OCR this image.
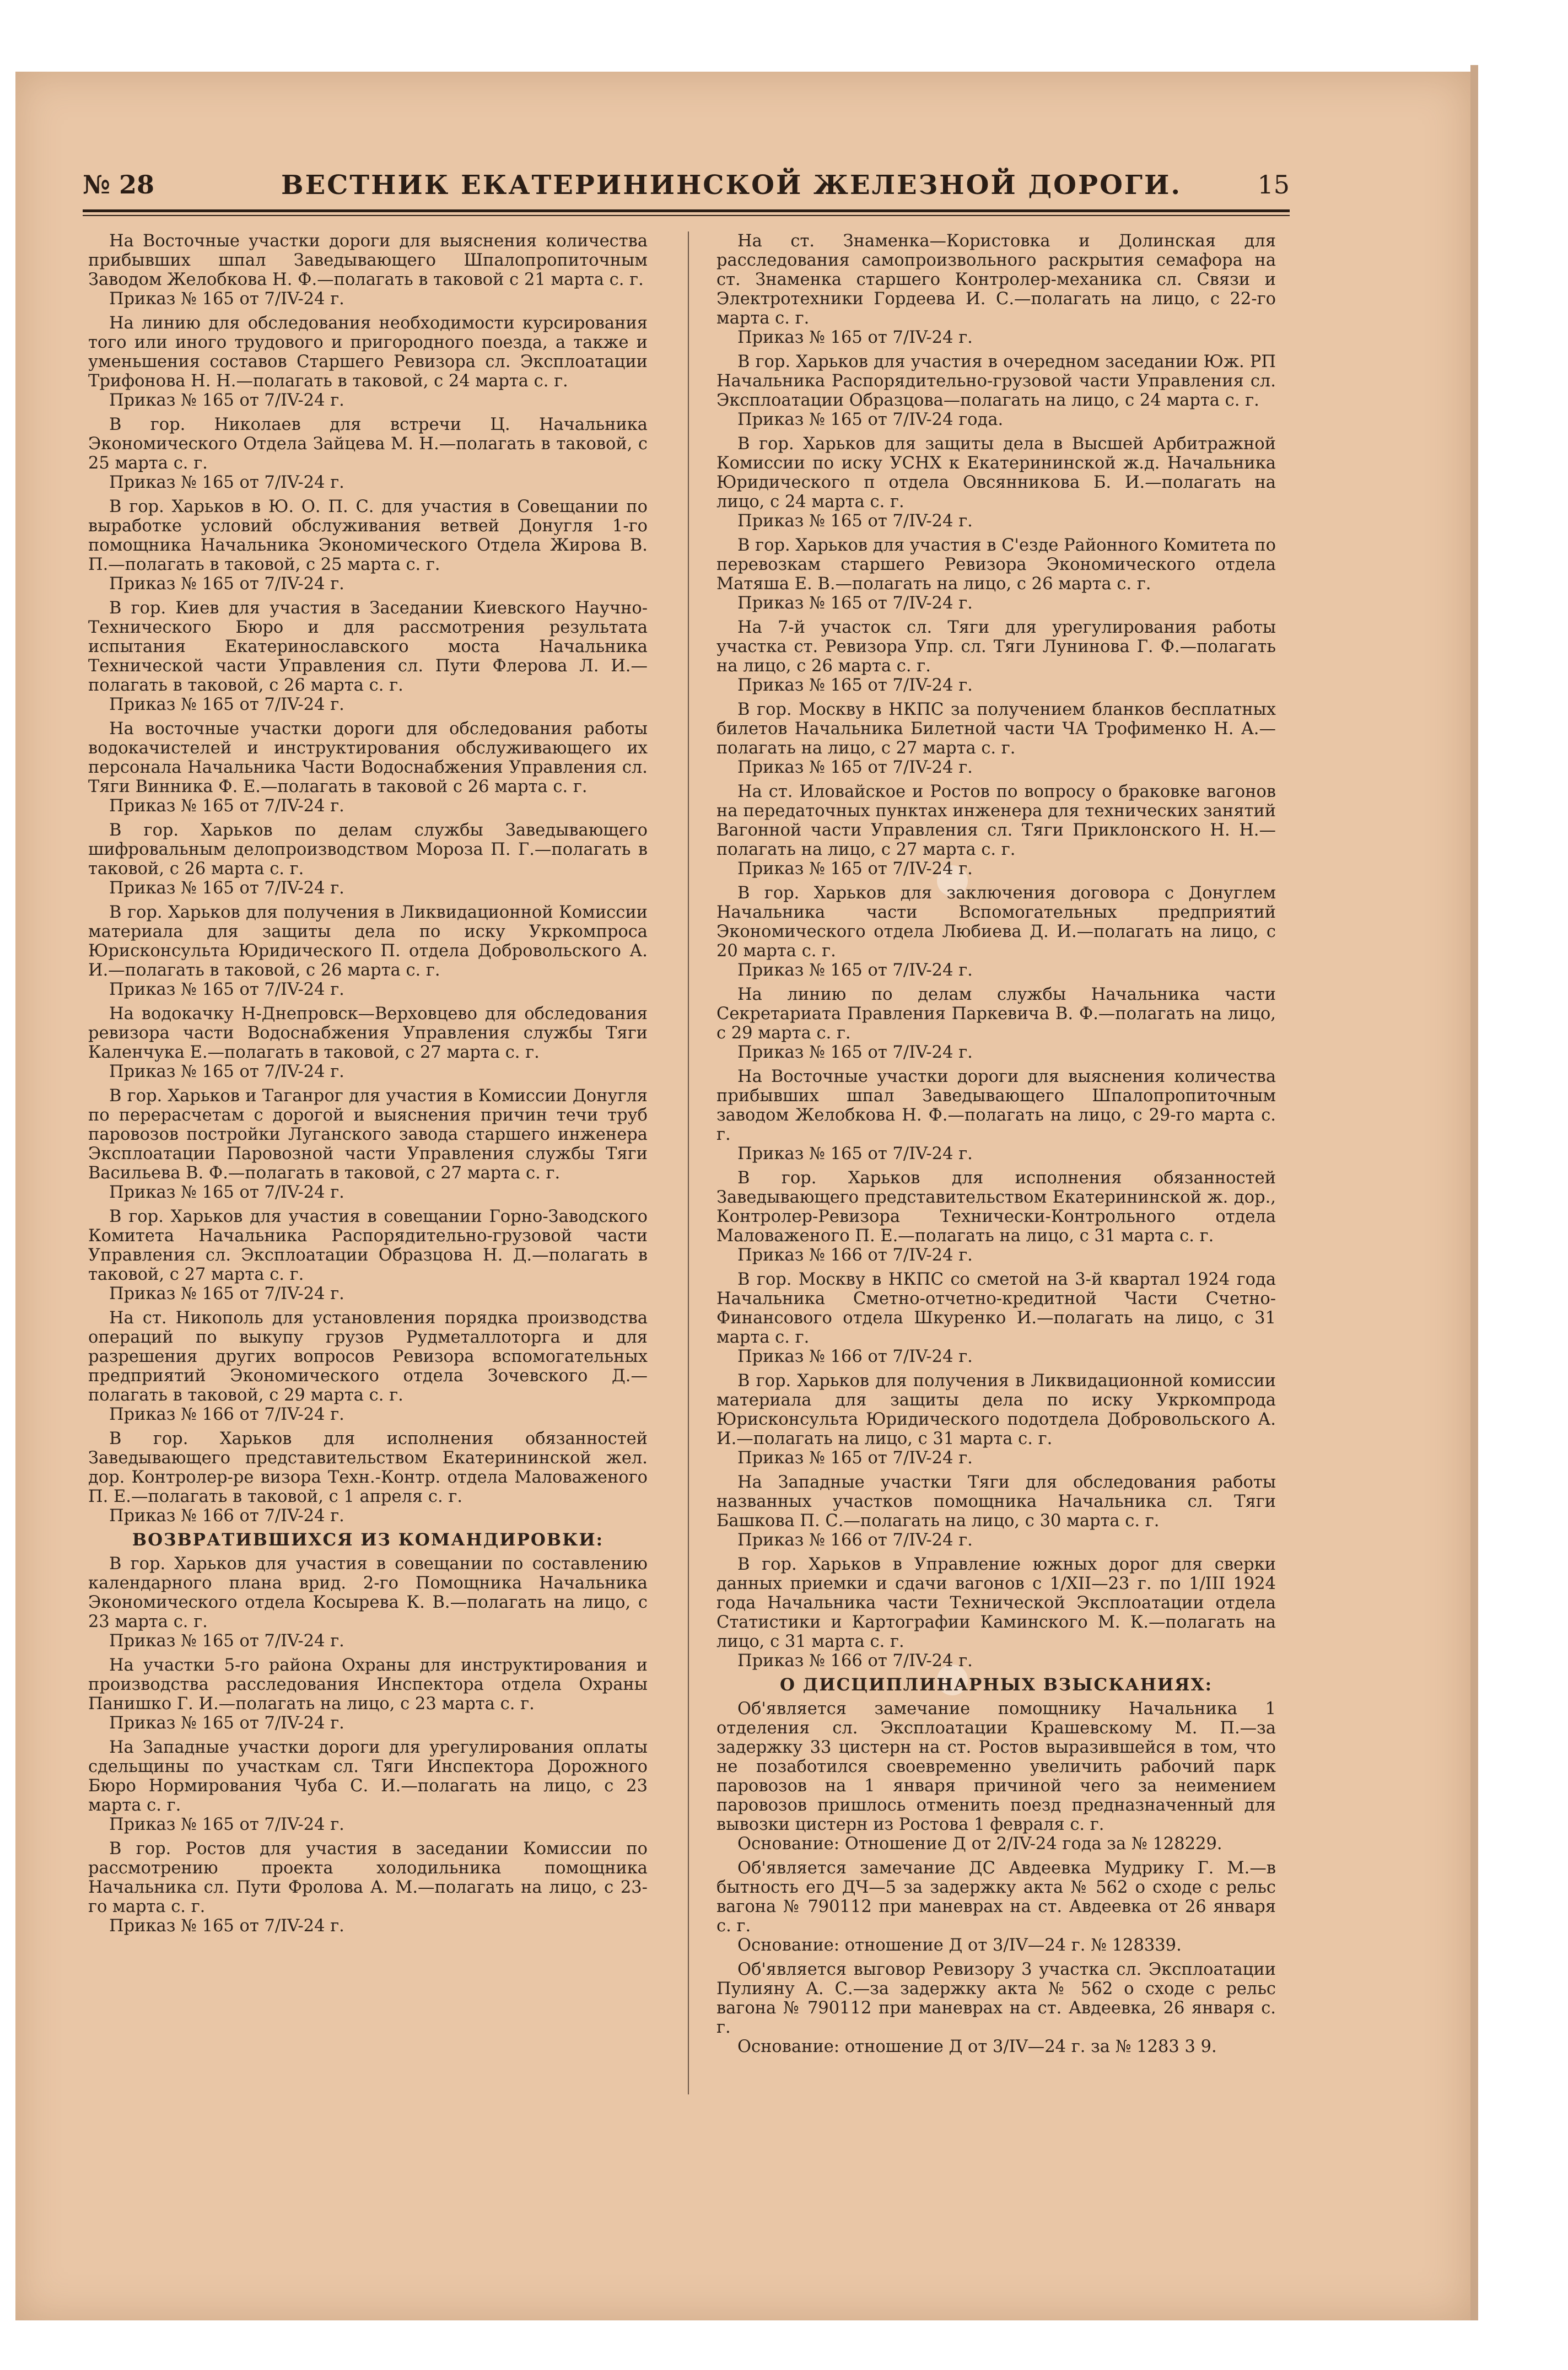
№ 28	ВЕСТНИК ЕКАТЕРИНИНСКОЙ ЖЕЛЕЗНОЙ ДОРОГИ.	15

На Восточные участки дороги для выяснения количества прибывших шпал Заведывающего Шпалопропиточным Заводом Желобкова Н. Ф.—полагать в таковой с 21 марта с. г.

Приказ № 165 от 7/IV-24 г.

На линию для обследования необходимости курсирования того или иного трудового и пригородного поезда, а также и уменьшения составов Старшего Ревизора сл. Эксплоатации Трифонова Н. Н.—полагать в таковой, с 24 марта с. г.

Приказ № 165 от 7/IV-24 г.

В гор. Николаев для встречи Ц. Начальника Экономического Отдела Зайцева М. Н.—полагать в таковой, с 25 марта с. г.

Приказ № 165 от 7/IV-24 г.

В гор. Харьков в Ю. О. П. С. для участия в Совещании по выработке условий обслуживания ветвей Донугля 1-го помощника Начальника Экономического Отдела Жирова В. П.—полагать в таковой, с 25 марта с. г.

Приказ № 165 от 7/IV-24 г.

В гор. Киев для участия в Заседании Киевского Научно-Технического Бюро и для рассмотрения результата испытания Екатеринославского моста Начальника Технической части Управления сл. Пути Флерова Л. И.—полагать в таковой, с 26 марта с. г.

Приказ № 165 от 7/IV-24 г.

На восточные участки дороги для обследования работы водокачистелей и инструктирования обслуживающего их персонала Начальника Части Водоснабжения Управления сл. Тяги Винника Ф. Е.—полагать в таковой с 26 марта с. г.

Приказ № 165 от 7/IV-24 г.

В гор. Харьков по делам службы Заведывающего шифровальным делопроизводством Мороза П. Г.—полагать в таковой, с 26 марта с. г.

Приказ № 165 от 7/IV-24 г.

В гор. Харьков для получения в Ликвидационной Комиссии материала для защиты дела по иску Укркомпроса Юрисконсульта Юридического П. отдела Добровольского А. И.—полагать в таковой, с 26 марта с. г.

Приказ № 165 от 7/IV-24 г.

На водокачку Н-Днепровск—Верховцево для обследования ревизора части Водоснабжения Управления службы Тяги Каленчука Е.—полагать в таковой, с 27 марта с. г.

Приказ № 165 от 7/IV-24 г.

В гор. Харьков и Таганрог для участия в Комиссии Донугля по перерасчетам с дорогой и выяснения причин течи труб паровозов постройки Луганского завода старшего инженера Эксплоатации Паровозной части Управления службы Тяги Васильева В. Ф.—полагать в таковой, с 27 марта с. г.

Приказ № 165 от 7/IV-24 г.

В гор. Харьков для участия в совещании Горно-Заводского Комитета Начальника Распорядительно-грузовой части Управления сл. Эксплоатации Образцова Н. Д.—полагать в таковой, с 27 марта с. г.

Приказ № 165 от 7/IV-24 г.

На ст. Никополь для установления порядка производства операций по выкупу грузов Рудметаллоторга и для разрешения других вопросов Ревизора вспомогательных предприятий Экономического отдела Зочевского Д.—полагать в таковой, с 29 марта с. г.

Приказ № 166 от 7/IV-24 г.

В гор. Харьков для исполнения обязанностей Заведывающего представительством Екатерининской жел. дор. Контролер-ре визора Техн.-Контр. отдела Маловаженого П. Е.—полагать в таковой, с 1 апреля с. г.

Приказ № 166 от 7/IV-24 г.

ВОЗВРАТИВШИХСЯ ИЗ КОМАНДИРОВКИ:

В гор. Харьков для участия в совещании по составлению календарного плана врид. 2-го Помощника Начальника Экономического отдела Косырева К. В.—полагать на лицо, с 23 марта с. г.

Приказ № 165 от 7/IV-24 г.

На участки 5-го района Охраны для инструктирования и производства расследования Инспектора отдела Охраны Панишко Г. И.—полагать на лицо, с 23 марта с. г.

Приказ № 165 от 7/IV-24 г.

На Западные участки дороги для урегулирования оплаты сдельщины по участкам сл. Тяги Инспектора Дорожного Бюро Нормирования Чуба С. И.—полагать на лицо, с 23 марта с. г.

Приказ № 165 от 7/IV-24 г.

В гор. Ростов для участия в заседании Комиссии по рассмотрению проекта холодильника помощника Начальника сл. Пути Фролова А. М.—полагать на лицо, с 23-го марта с. г.

Приказ № 165 от 7/IV-24 г.

На ст. Знаменка—Користовка и Долинская для расследования самопроизвольного раскрытия семафора на ст. Знаменка старшего Контролер-механика сл. Связи и Электротехники Гордеева И. С.—полагать на лицо, с 22-го марта с. г.

Приказ № 165 от 7/IV-24 г.

В гор. Харьков для участия в очередном заседании Юж. РП Начальника Распорядительно-грузовой части Управления сл. Эксплоатации Образцова—полагать на лицо, с 24 марта с. г.

Приказ № 165 от 7/IV-24 года.

В гор. Харьков для защиты дела в Высшей Арбитражной Комиссии по иску УСНХ к Екатерининской ж.д. Начальника Юридического п отдела Овсянникова Б. И.—полагать на лицо, с 24 марта с. г.

Приказ № 165 от 7/IV-24 г.

В гор. Харьков для участия в С'езде Районного Комитета по перевозкам старшего Ревизора Экономического отдела Матяша Е. В.—полагать на лицо, с 26 марта с. г.

Приказ № 165 от 7/IV-24 г.

На 7-й участок сл. Тяги для урегулирования работы участка ст. Ревизора Упр. сл. Тяги Лунинова Г. Ф.—полагать на лицо, с 26 марта с. г.

Приказ № 165 от 7/IV-24 г.

В гор. Москву в НКПС за получением бланков бесплатных билетов Начальника Билетной части ЧА Трофименко Н. А.—полагать на лицо, с 27 марта с. г.

Приказ № 165 от 7/IV-24 г.

На ст. Иловайское и Ростов по вопросу о браковке вагонов на передаточных пунктах инженера для технических занятий Вагонной части Управления сл. Тяги Приклонского Н. Н.—полагать на лицо, с 27 марта с. г.

Приказ № 165 от 7/IV-24 г.

В гор. Харьков для заключения договора с Донуглем Начальника части Вспомогательных предприятий Экономического отдела Любиева Д. И.—полагать на лицо, с 20 марта с. г.

Приказ № 165 от 7/IV-24 г.

На линию по делам службы Начальника части Секретариата Правления Паркевича В. Ф.—полагать на лицо, с 29 марта с. г.

Приказ № 165 от 7/IV-24 г.

На Восточные участки дороги для выяснения количества прибывших шпал Заведывающего Шпалопропиточным заводом Желобкова Н. Ф.—полагать на лицо, с 29-го марта с. г.

Приказ № 165 от 7/IV-24 г.

В гор. Харьков для исполнения обязанностей Заведывающего представительством Екатерининской ж. дор., Контролер-Ревизора Технически-Контрольного отдела Маловаженого П. Е.—полагать на лицо, с 31 марта с. г.

Приказ № 166 от 7/IV-24 г.

В гор. Москву в НКПС со сметой на 3-й квартал 1924 года Начальника Сметно-отчетно-кредитной Части Счетно-Финансового отдела Шкуренко И.—полагать на лицо, с 31 марта с. г.

Приказ № 166 от 7/IV-24 г.

В гор. Харьков для получения в Ликвидационной комиссии материала для защиты дела по иску Укркомпрода Юрисконсульта Юридического подотдела Добровольского А. И.—полагать на лицо, с 31 марта с. г.

Приказ № 165 от 7/IV-24 г.

На Западные участки Тяги для обследования работы названных участков помощника Начальника сл. Тяги Башкова П. С.—полагать на лицо, с 30 марта с. г.

Приказ № 166 от 7/IV-24 г.

В гор. Харьков в Управление южных дорог для сверки данных приемки и сдачи вагонов с 1/XII—23 г. по 1/III 1924 года Начальника части Технической Эксплоатации отдела Статистики и Картографии Каминского М. К.—полагать на лицо, с 31 марта с. г.

Приказ № 166 от 7/IV-24 г.

О ДИСЦИПЛИНАРНЫХ ВЗЫСКАНИЯХ:

Об'является замечание помощнику Начальника 1 отделения сл. Эксплоатации Крашевскому М. П.—за задержку 33 цистерн на ст. Ростов выразившейся в том, что не позаботился своевременно увеличить рабочий парк паровозов на 1 января причиной чего за неимением паровозов пришлось отменить поезд предназначенный для вывозки цистерн из Ростова 1 февраля с. г.

Основание: Отношение Д от 2/IV-24 года за № 128229.

Об'является замечание ДС Авдеевка Мудрику Г. М.—в бытность его ДЧ—5 за задержку акта № 562 о сходе с рельс вагона № 790112 при маневрах на ст. Авдеевка от 26 января с. г.

Основание: отношение Д от 3/IV—24 г. № 128339.

Об'является выговор Ревизору 3 участка сл. Эксплоатации Пулияну А. С.—за задержку акта № 562 о сходе с рельс вагона № 790112 при маневрах на ст. Авдеевка, 26 января с. г.

Основание: отношение Д от 3/IV—24 г. за № 1283 3 9.
